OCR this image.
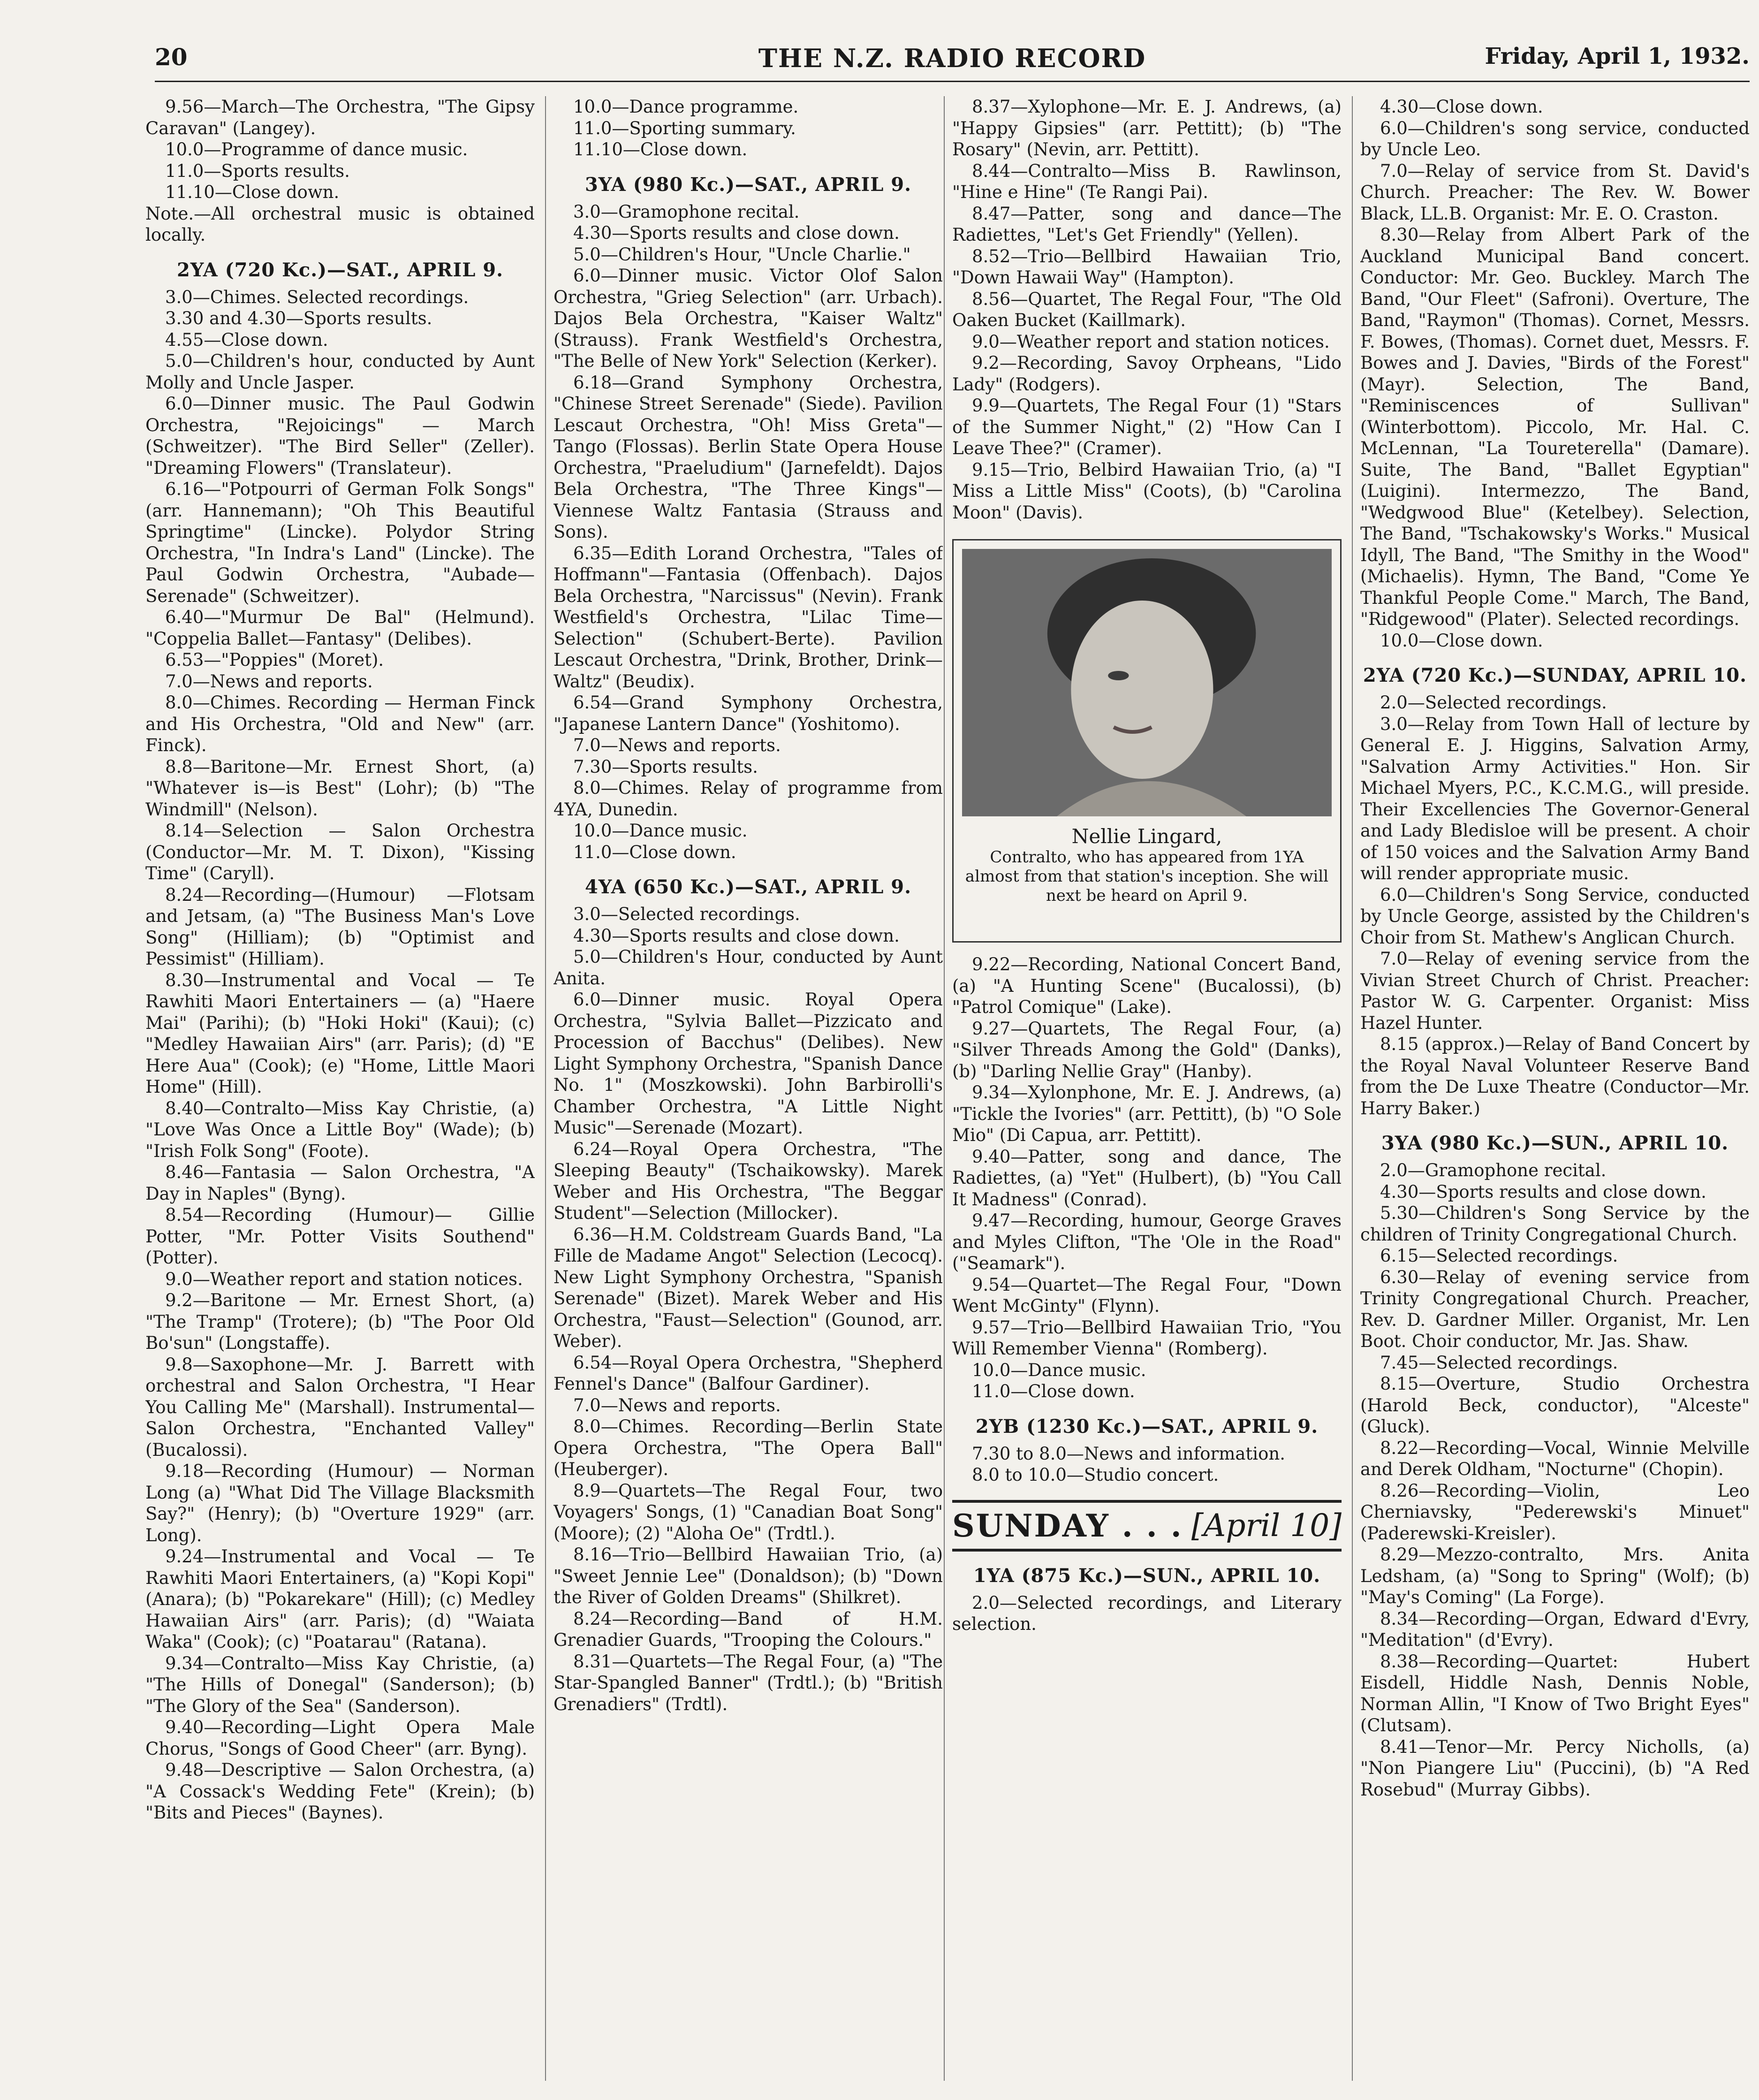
20	THE N.Z. RADIO RECORD	Friday, April 1, 1932.
9.56—March—The Orchestra, "The Gipsy Caravan" (Langey).
10.0—Programme of dance music.
11.0—Sports results.
11.10—Close down.
Note.—All orchestral music is obtained locally.
2YA (720 Kc.)—SAT., APRIL 9.
3.0—Chimes. Selected recordings.
3.30 and 4.30—Sports results.
4.55—Close down.
5.0—Children's hour, conducted by Aunt Molly and Uncle Jasper.
6.0—Dinner music. The Paul Godwin Orchestra, "Rejoicings" — March (Schweitzer). "The Bird Seller" (Zeller). "Dreaming Flowers" (Translateur).
6.16—"Potpourri of German Folk Songs" (arr. Hannemann); "Oh This Beautiful Springtime" (Lincke). Polydor String Orchestra, "In Indra's Land" (Lincke). The Paul Godwin Orchestra, "Aubade—Serenade" (Schweitzer).
6.40—"Murmur De Bal" (Helmund). "Coppelia Ballet—Fantasy" (Delibes).
6.53—"Poppies" (Moret).
7.0—News and reports.
8.0—Chimes. Recording — Herman Finck and His Orchestra, "Old and New" (arr. Finck).
8.8—Baritone—Mr. Ernest Short, (a) "Whatever is—is Best" (Lohr); (b) "The Windmill" (Nelson).
8.14—Selection — Salon Orchestra (Conductor—Mr. M. T. Dixon), "Kissing Time" (Caryll).
8.24—Recording—(Humour) —Flotsam and Jetsam, (a) "The Business Man's Love Song" (Hilliam); (b) "Optimist and Pessimist" (Hilliam).
8.30—Instrumental and Vocal — Te Rawhiti Maori Entertainers — (a) "Haere Mai" (Parihi); (b) "Hoki Hoki" (Kaui); (c) "Medley Hawaiian Airs" (arr. Paris); (d) "E Here Aua" (Cook); (e) "Home, Little Maori Home" (Hill).
8.40—Contralto—Miss Kay Christie, (a) "Love Was Once a Little Boy" (Wade); (b) "Irish Folk Song" (Foote).
8.46—Fantasia — Salon Orchestra, "A Day in Naples" (Byng).
8.54—Recording (Humour)— Gillie Potter, "Mr. Potter Visits Southend" (Potter).
9.0—Weather report and station notices.
9.2—Baritone — Mr. Ernest Short, (a) "The Tramp" (Trotere); (b) "The Poor Old Bo'sun" (Longstaffe).
9.8—Saxophone—Mr. J. Barrett with orchestral and Salon Orchestra, "I Hear You Calling Me" (Marshall). Instrumental—Salon Orchestra, "Enchanted Valley" (Bucalossi).
9.18—Recording (Humour) — Norman Long (a) "What Did The Village Blacksmith Say?" (Henry); (b) "Overture 1929" (arr. Long).
9.24—Instrumental and Vocal — Te Rawhiti Maori Entertainers, (a) "Kopi Kopi" (Anara); (b) "Pokarekare" (Hill); (c) Medley Hawaiian Airs" (arr. Paris); (d) "Waiata Waka" (Cook); (c) "Poatarau" (Ratana).
9.34—Contralto—Miss Kay Christie, (a) "The Hills of Donegal" (Sanderson); (b) "The Glory of the Sea" (Sanderson).
9.40—Recording—Light Opera Male Chorus, "Songs of Good Cheer" (arr. Byng).
9.48—Descriptive — Salon Orchestra, (a) "A Cossack's Wedding Fete" (Krein); (b) "Bits and Pieces" (Baynes).
10.0—Dance programme.
11.0—Sporting summary.
11.10—Close down.
3YA (980 Kc.)—SAT., APRIL 9.
3.0—Gramophone recital.
4.30—Sports results and close down.
5.0—Children's Hour, "Uncle Charlie."
6.0—Dinner music. Victor Olof Salon Orchestra, "Grieg Selection" (arr. Urbach). Dajos Bela Orchestra, "Kaiser Waltz" (Strauss). Frank Westfield's Orchestra, "The Belle of New York" Selection (Kerker).
6.18—Grand Symphony Orchestra, "Chinese Street Serenade" (Siede). Pavilion Lescaut Orchestra, "Oh! Miss Greta"—Tango (Flossas). Berlin State Opera House Orchestra, "Praeludium" (Jarnefeldt). Dajos Bela Orchestra, "The Three Kings"—Viennese Waltz Fantasia (Strauss and Sons).
6.35—Edith Lorand Orchestra, "Tales of Hoffmann"—Fantasia (Offenbach). Dajos Bela Orchestra, "Narcissus" (Nevin). Frank Westfield's Orchestra, "Lilac Time—Selection" (Schubert-Berte). Pavilion Lescaut Orchestra, "Drink, Brother, Drink—Waltz" (Beudix).
6.54—Grand Symphony Orchestra, "Japanese Lantern Dance" (Yoshitomo).
7.0—News and reports.
7.30—Sports results.
8.0—Chimes. Relay of programme from 4YA, Dunedin.
10.0—Dance music.
11.0—Close down.
4YA (650 Kc.)—SAT., APRIL 9.
3.0—Selected recordings.
4.30—Sports results and close down.
5.0—Children's Hour, conducted by Aunt Anita.
6.0—Dinner music. Royal Opera Orchestra, "Sylvia Ballet—Pizzicato and Procession of Bacchus" (Delibes). New Light Symphony Orchestra, "Spanish Dance No. 1" (Moszkowski). John Barbirolli's Chamber Orchestra, "A Little Night Music"—Serenade (Mozart).
6.24—Royal Opera Orchestra, "The Sleeping Beauty" (Tschaikowsky). Marek Weber and His Orchestra, "The Beggar Student"—Selection (Millocker).
6.36—H.M. Coldstream Guards Band, "La Fille de Madame Angot" Selection (Lecocq). New Light Symphony Orchestra, "Spanish Serenade" (Bizet). Marek Weber and His Orchestra, "Faust—Selection" (Gounod, arr. Weber).
6.54—Royal Opera Orchestra, "Shepherd Fennel's Dance" (Balfour Gardiner).
7.0—News and reports.
8.0—Chimes. Recording—Berlin State Opera Orchestra, "The Opera Ball" (Heuberger).
8.9—Quartets—The Regal Four, two Voyagers' Songs, (1) "Canadian Boat Song" (Moore); (2) "Aloha Oe" (Trdtl.).
8.16—Trio—Bellbird Hawaiian Trio, (a) "Sweet Jennie Lee" (Donaldson); (b) "Down the River of Golden Dreams" (Shilkret).
8.24—Recording—Band of H.M. Grenadier Guards, "Trooping the Colours."
8.31—Quartets—The Regal Four, (a) "The Star-Spangled Banner" (Trdtl.); (b) "British Grenadiers" (Trdtl).
8.37—Xylophone—Mr. E. J. Andrews, (a) "Happy Gipsies" (arr. Pettitt); (b) "The Rosary" (Nevin, arr. Pettitt).
8.44—Contralto—Miss B. Rawlinson, "Hine e Hine" (Te Rangi Pai).
8.47—Patter, song and dance—The Radiettes, "Let's Get Friendly" (Yellen).
8.52—Trio—Bellbird Hawaiian Trio, "Down Hawaii Way" (Hampton).
8.56—Quartet, The Regal Four, "The Old Oaken Bucket (Kaillmark).
9.0—Weather report and station notices.
9.2—Recording, Savoy Orpheans, "Lido Lady" (Rodgers).
9.9—Quartets, The Regal Four (1) "Stars of the Summer Night," (2) "How Can I Leave Thee?" (Cramer).
9.15—Trio, Belbird Hawaiian Trio, (a) "I Miss a Little Miss" (Coots), (b) "Carolina Moon" (Davis).
Nellie Lingard,
Contralto, who has appeared from 1YA almost from that station's inception. She will next be heard on April 9.
9.22—Recording, National Concert Band, (a) "A Hunting Scene" (Bucalossi), (b) "Patrol Comique" (Lake).
9.27—Quartets, The Regal Four, (a) "Silver Threads Among the Gold" (Danks), (b) "Darling Nellie Gray" (Hanby).
9.34—Xylonphone, Mr. E. J. Andrews, (a) "Tickle the Ivories" (arr. Pettitt), (b) "O Sole Mio" (Di Capua, arr. Pettitt).
9.40—Patter, song and dance, The Radiettes, (a) "Yet" (Hulbert), (b) "You Call It Madness" (Conrad).
9.47—Recording, humour, George Graves and Myles Clifton, "The 'Ole in the Road" ("Seamark").
9.54—Quartet—The Regal Four, "Down Went McGinty" (Flynn).
9.57—Trio—Bellbird Hawaiian Trio, "You Will Remember Vienna" (Romberg).
10.0—Dance music.
11.0—Close down.
2YB (1230 Kc.)—SAT., APRIL 9.
7.30 to 8.0—News and information.
8.0 to 10.0—Studio concert.
SUNDAY . . . [April 10]
1YA (875 Kc.)—SUN., APRIL 10.
2.0—Selected recordings, and Literary selection.
4.30—Close down.
6.0—Children's song service, conducted by Uncle Leo.
7.0—Relay of service from St. David's Church. Preacher: The Rev. W. Bower Black, LL.B. Organist: Mr. E. O. Craston.
8.30—Relay from Albert Park of the Auckland Municipal Band concert. Conductor: Mr. Geo. Buckley. March The Band, "Our Fleet" (Safroni). Overture, The Band, "Raymon" (Thomas). Cornet, Messrs. F. Bowes, (Thomas). Cornet duet, Messrs. F. Bowes and J. Davies, "Birds of the Forest" (Mayr). Selection, The Band, "Reminiscences of Sullivan" (Winterbottom). Piccolo, Mr. Hal. C. McLennan, "La Toureterella" (Damare). Suite, The Band, "Ballet Egyptian" (Luigini). Intermezzo, The Band, "Wedgwood Blue" (Ketelbey). Selection, The Band, "Tschakowsky's Works." Musical Idyll, The Band, "The Smithy in the Wood" (Michaelis). Hymn, The Band, "Come Ye Thankful People Come." March, The Band, "Ridgewood" (Plater). Selected recordings.
10.0—Close down.
2YA (720 Kc.)—SUNDAY, APRIL 10.
2.0—Selected recordings.
3.0—Relay from Town Hall of lecture by General E. J. Higgins, Salvation Army, "Salvation Army Activities." Hon. Sir Michael Myers, P.C., K.C.M.G., will preside. Their Excellencies The Governor-General and Lady Bledisloe will be present. A choir of 150 voices and the Salvation Army Band will render appropriate music.
6.0—Children's Song Service, conducted by Uncle George, assisted by the Children's Choir from St. Mathew's Anglican Church.
7.0—Relay of evening service from the Vivian Street Church of Christ. Preacher: Pastor W. G. Carpenter. Organist: Miss Hazel Hunter.
8.15 (approx.)—Relay of Band Concert by the Royal Naval Volunteer Reserve Band from the De Luxe Theatre (Conductor—Mr. Harry Baker.)
3YA (980 Kc.)—SUN., APRIL 10.
2.0—Gramophone recital.
4.30—Sports results and close down.
5.30—Children's Song Service by the children of Trinity Congregational Church.
6.15—Selected recordings.
6.30—Relay of evening service from Trinity Congregational Church. Preacher, Rev. D. Gardner Miller. Organist, Mr. Len Boot. Choir conductor, Mr. Jas. Shaw.
7.45—Selected recordings.
8.15—Overture, Studio Orchestra (Harold Beck, conductor), "Alceste" (Gluck).
8.22—Recording—Vocal, Winnie Melville and Derek Oldham, "Nocturne" (Chopin).
8.26—Recording—Violin, Leo Cherniavsky, "Pederewski's Minuet" (Paderewski-Kreisler).
8.29—Mezzo-contralto, Mrs. Anita Ledsham, (a) "Song to Spring" (Wolf); (b) "May's Coming" (La Forge).
8.34—Recording—Organ, Edward d'Evry, "Meditation" (d'Evry).
8.38—Recording—Quartet: Hubert Eisdell, Hiddle Nash, Dennis Noble, Norman Allin, "I Know of Two Bright Eyes" (Clutsam).
8.41—Tenor—Mr. Percy Nicholls, (a) "Non Piangere Liu" (Puccini), (b) "A Red Rosebud" (Murray Gibbs).
